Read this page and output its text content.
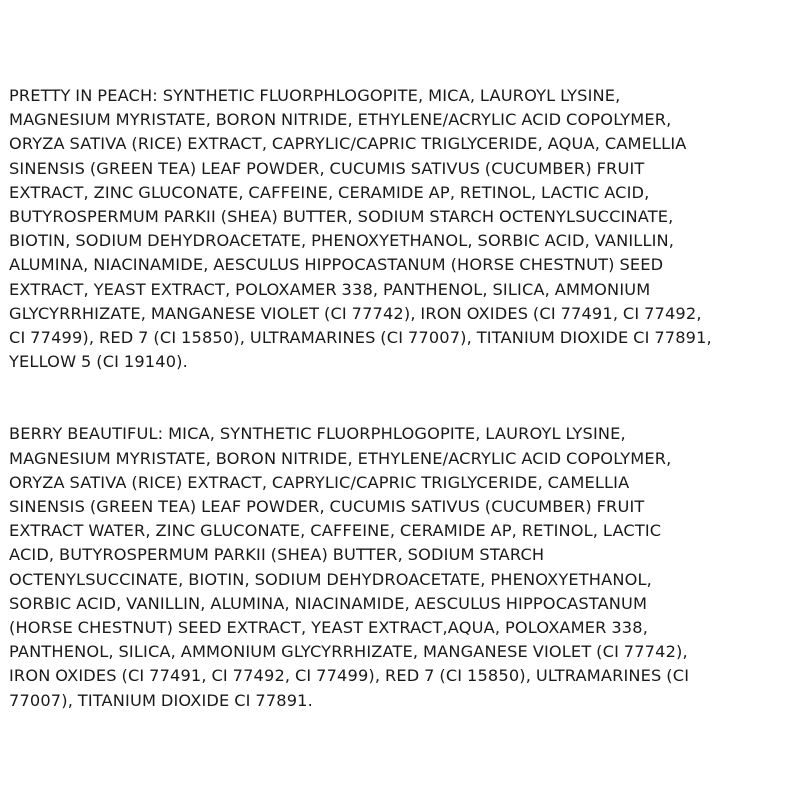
PRETTY IN PEACH: SYNTHETIC FLUORPHLOGOPITE, MICA, LAUROYL LYSINE,
MAGNESIUM MYRISTATE, BORON NITRIDE, ETHYLENE/ACRYLIC ACID COPOLYMER,
ORYZA SATIVA (RICE) EXTRACT, CAPRYLIC/CAPRIC TRIGLYCERIDE, AQUA, CAMELLIA
SINENSIS (GREEN TEA) LEAF POWDER, CUCUMIS SATIVUS (CUCUMBER) FRUIT
EXTRACT, ZINC GLUCONATE, CAFFEINE, CERAMIDE AP, RETINOL, LACTIC ACID,
BUTYROSPERMUM PARKII (SHEA) BUTTER, SODIUM STARCH OCTENYLSUCCINATE,
BIOTIN, SODIUM DEHYDROACETATE, PHENOXYETHANOL, SORBIC ACID, VANILLIN,
ALUMINA, NIACINAMIDE, AESCULUS HIPPOCASTANUM (HORSE CHESTNUT) SEED
EXTRACT, YEAST EXTRACT, POLOXAMER 338, PANTHENOL, SILICA, AMMONIUM
GLYCYRRHIZATE, MANGANESE VIOLET (CI 77742), IRON OXIDES (CI 77491, CI 77492,
CI 77499), RED 7 (CI 15850), ULTRAMARINES (CI 77007), TITANIUM DIOXIDE CI 77891,
YELLOW 5 (CI 19140).

BERRY BEAUTIFUL: MICA, SYNTHETIC FLUORPHLOGOPITE, LAUROYL LYSINE,
MAGNESIUM MYRISTATE, BORON NITRIDE, ETHYLENE/ACRYLIC ACID COPOLYMER,
ORYZA SATIVA (RICE) EXTRACT, CAPRYLIC/CAPRIC TRIGLYCERIDE, CAMELLIA
SINENSIS (GREEN TEA) LEAF POWDER, CUCUMIS SATIVUS (CUCUMBER) FRUIT
EXTRACT WATER, ZINC GLUCONATE, CAFFEINE, CERAMIDE AP, RETINOL, LACTIC
ACID, BUTYROSPERMUM PARKII (SHEA) BUTTER, SODIUM STARCH
OCTENYLSUCCINATE, BIOTIN, SODIUM DEHYDROACETATE, PHENOXYETHANOL,
SORBIC ACID, VANILLIN, ALUMINA, NIACINAMIDE, AESCULUS HIPPOCASTANUM
(HORSE CHESTNUT) SEED EXTRACT, YEAST EXTRACT,AQUA, POLOXAMER 338,
PANTHENOL, SILICA, AMMONIUM GLYCYRRHIZATE, MANGANESE VIOLET (CI 77742),
IRON OXIDES (CI 77491, CI 77492, CI 77499), RED 7 (CI 15850), ULTRAMARINES (CI
77007), TITANIUM DIOXIDE CI 77891.
